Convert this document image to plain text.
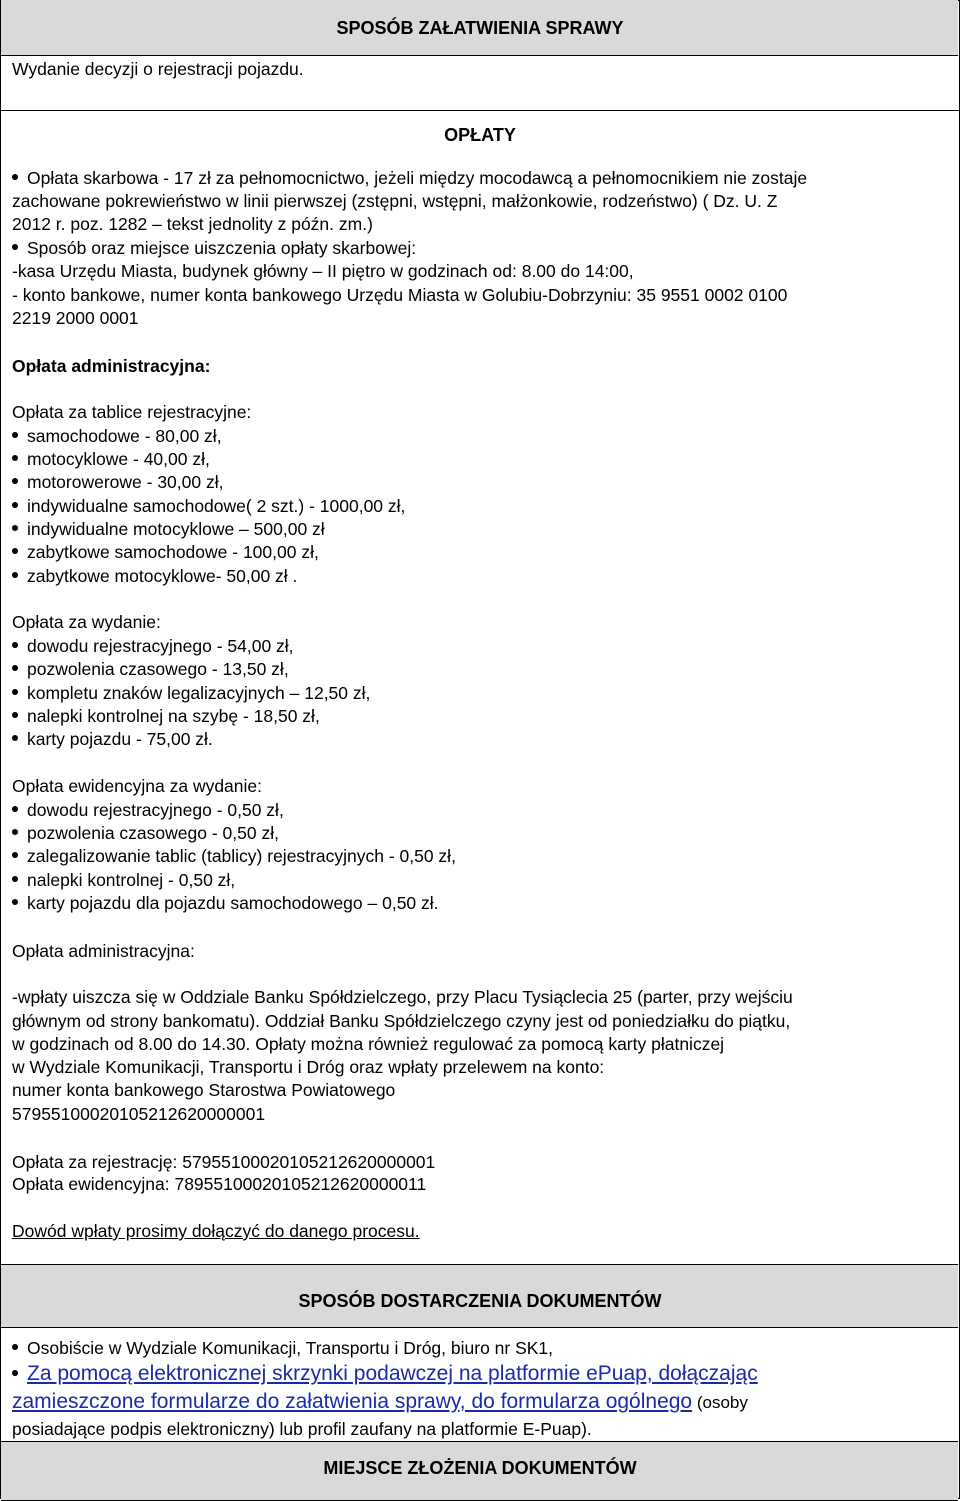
SPOSÓB ZAŁATWIENIA SPRAWY
Wydanie decyzji o rejestracji pojazdu.
OPŁATY
Opłata skarbowa - 17 zł za pełnomocnictwo, jeżeli między mocodawcą a pełnomocnikiem nie zostaje
zachowane pokrewieństwo w linii pierwszej (zstępni, wstępni, małżonkowie, rodzeństwo) ( Dz. U. Z
2012 r. poz. 1282 – tekst jednolity z późn. zm.)
Sposób oraz miejsce uiszczenia opłaty skarbowej:
-kasa Urzędu Miasta, budynek główny – II piętro w godzinach od: 8.00 do 14:00,
- konto bankowe, numer konta bankowego Urzędu Miasta w Golubiu-Dobrzyniu: 35 9551 0002 0100
2219 2000 0001
Opłata administracyjna:
Opłata za tablice rejestracyjne:
samochodowe - 80,00 zł,
motocyklowe - 40,00 zł,
motorowerowe - 30,00 zł,
indywidualne samochodowe( 2 szt.) - 1000,00 zł,
indywidualne motocyklowe – 500,00 zł
zabytkowe samochodowe - 100,00 zł,
zabytkowe motocyklowe- 50,00 zł .
Opłata za wydanie:
dowodu rejestracyjnego - 54,00 zł,
pozwolenia czasowego - 13,50 zł,
kompletu znaków legalizacyjnych – 12,50 zł,
nalepki kontrolnej na szybę - 18,50 zł,
karty pojazdu - 75,00 zł.
Opłata ewidencyjna za wydanie:
dowodu rejestracyjnego - 0,50 zł,
pozwolenia czasowego - 0,50 zł,
zalegalizowanie tablic (tablicy) rejestracyjnych - 0,50 zł,
nalepki kontrolnej - 0,50 zł,
karty pojazdu dla pojazdu samochodowego – 0,50 zł.
Opłata administracyjna:
-wpłaty uiszcza się w Oddziale Banku Spółdzielczego, przy Placu Tysiąclecia 25 (parter, przy wejściu
głównym od strony bankomatu). Oddział Banku Spółdzielczego czyny jest od poniedziałku do piątku,
w godzinach od 8.00 do 14.30. Opłaty można również regulować za pomocą karty płatniczej
w Wydziale Komunikacji, Transportu i Dróg oraz wpłaty przelewem na konto:
numer konta bankowego Starostwa Powiatowego
57955100020105212620000001
Opłata za rejestrację: 57955100020105212620000001
Opłata ewidencyjna: 78955100020105212620000011
Dowód wpłaty prosimy dołączyć do danego procesu.
SPOSÓB DOSTARCZENIA DOKUMENTÓW
Osobiście w Wydziale Komunikacji, Transportu i Dróg, biuro nr SK1,
Za pomocą elektronicznej skrzynki podawczej na platformie ePuap, dołączając
zamieszczone formularze do załatwienia sprawy, do formularza ogólnego (osoby
posiadające podpis elektroniczny) lub profil zaufany na platformie E-Puap).
MIEJSCE ZŁOŻENIA DOKUMENTÓW
